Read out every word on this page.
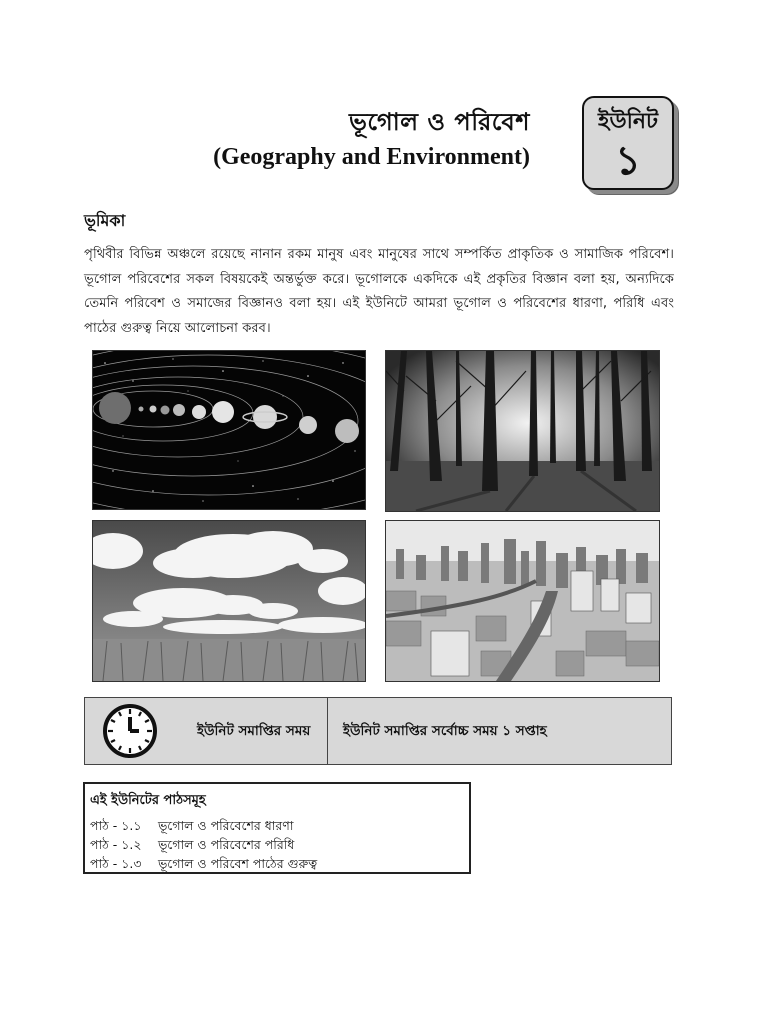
ভূগোল ও পরিবেশ
(Geography and Environment)
ইউনিট
১
ভূমিকা

পৃথিবীর বিভিন্ন অঞ্চলে রয়েছে নানান রকম মানুষ এবং মানুষের সাথে সম্পর্কিত প্রাকৃতিক ও সামাজিক পরিবেশ। ভূগোল পরিবেশের সকল বিষয়কেই অন্তর্ভুক্ত করে। ভূগোলকে একদিকে এই প্রকৃতির বিজ্ঞান বলা হয়, অন্যদিকে তেমনি পরিবেশ ও সমাজের বিজ্ঞানও বলা হয়। এই ইউনিটে আমরা ভূগোল ও পরিবেশের ধারণা, পরিধি এবং পাঠের গুরুত্ব নিয়ে আলোচনা করব।

ইউনিট সমাপ্তির সময় ইউনিট সমাপ্তির সর্বোচ্চ সময় ১ সপ্তাহ
এই ইউনিটের পাঠসমূহ
পাঠ - ১.১ ভূগোল ও পরিবেশের ধারণা
পাঠ - ১.২ ভূগোল ও পরিবেশের পরিধি
পাঠ - ১.৩ ভূগোল ও পরিবেশ পাঠের গুরুত্ব
